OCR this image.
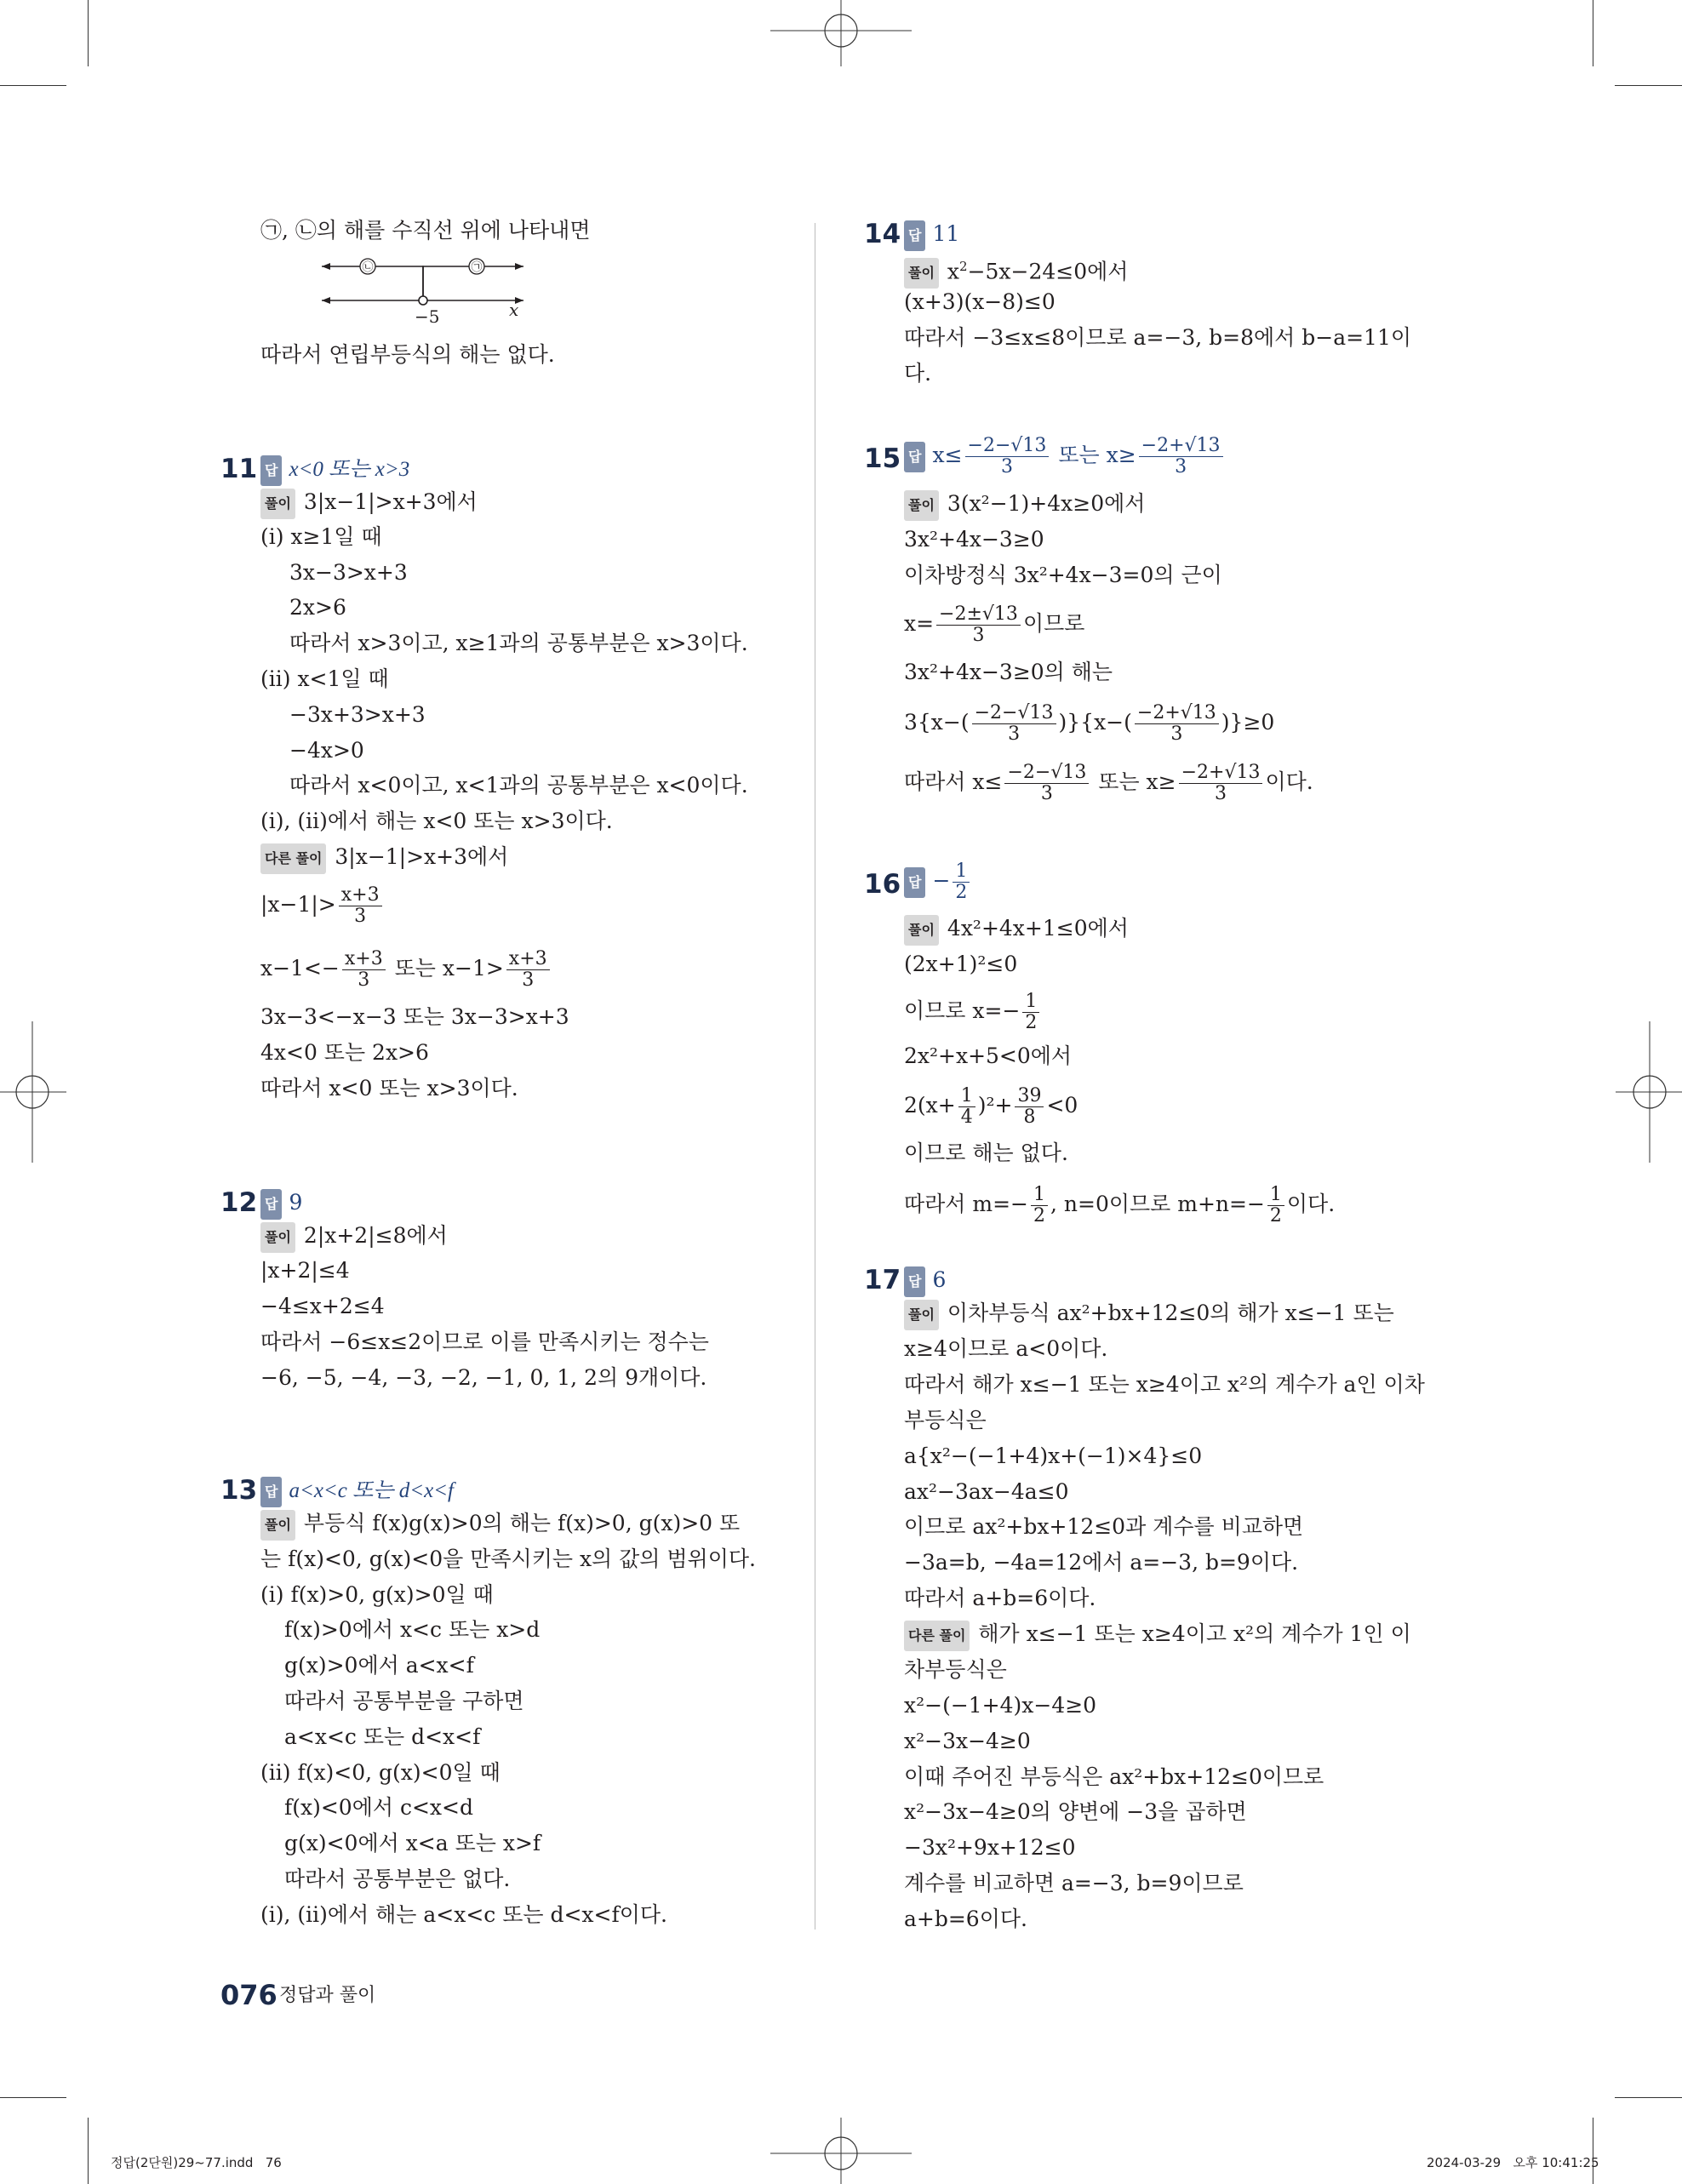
㉠, ㉡의 해를 수직선 위에 나타내면
㉡	㉠
−5	x
따라서 연립부등식의 해는 없다.
11 답 x<0 또는 x>3
풀이 3|x−1|>x+3에서
(ⅰ) x≥1일 때
3x−3>x+3
2x>6
따라서 x>3이고, x≥1과의 공통부분은 x>3이다.
(ⅱ) x<1일 때
−3x+3>x+3
−4x>0
따라서 x<0이고, x<1과의 공통부분은 x<0이다.
(ⅰ), (ⅱ)에서 해는 x<0 또는 x>3이다.
다른 풀이 3|x−1|>x+3에서
$|x-1|> \frac{x+3}{3}$
$x-1<- \frac{x+3}{3}$ 또는 $x-1> \frac{x+3}{3}$
3x−3<−x−3 또는 3x−3>x+3
4x<0 또는 2x>6
따라서 x<0 또는 x>3이다.
12 답 9
풀이 2|x+2|≤8에서
|x+2|≤4
−4≤x+2≤4
따라서 −6≤x≤2이므로 이를 만족시키는 정수는
−6, −5, −4, −3, −2, −1, 0, 1, 2의 9개이다.
13 답 a<x<c 또는 d<x<f
풀이 부등식 f(x)g(x)>0의 해는 f(x)>0, g(x)>0 또
는 f(x)<0, g(x)<0을 만족시키는 x의 값의 범위이다.
(ⅰ) f(x)>0, g(x)>0일 때
f(x)>0에서 x<c 또는 x>d
g(x)>0에서 a<x<f
따라서 공통부분을 구하면
a<x<c 또는 d<x<f
(ⅱ) f(x)<0, g(x)<0일 때
f(x)<0에서 c<x<d
g(x)<0에서 x<a 또는 x>f
따라서 공통부분은 없다.
(ⅰ), (ⅱ)에서 해는 a<x<c 또는 d<x<f이다.
14 답 11
풀이 $x^2-5x-24\le 0$에서
(x+3)(x−8)≤0
따라서 −3≤x≤8이므로 a=−3, b=8에서 b−a=11이
다.
15 답 $x\le \frac{-2-√13}{3}$ 또는 $x\ge \frac{-2+√13}{3}$
풀이 3(x²−1)+4x≥0에서
3x²+4x−3≥0
이차방정식 3x²+4x−3=0의 근이
$x= \frac{-2\pm√13}{3}$ 이므로
3x²+4x−3≥0의 해는
$3\{x-( \frac{-2-√13}{3} )\}\{x-( \frac{-2+√13}{3} )\}\ge 0$
따라서 $x\le \frac{-2-√13}{3}$ 또는 $x\ge \frac{-2+√13}{3}$ 이다.
16 답 − $\frac{1}{2}$
풀이 4x²+4x+1≤0에서
(2x+1)²≤0
이므로 $x=- \frac{1}{2}$
2x²+x+5<0에서
$2(x+ \frac{1}{4} )^2+ \frac{39}{8} <0$
이므로 해는 없다.
따라서 $m=- \frac{1}{2}$ , n=0이므로 $m+n=- \frac{1}{2}$ 이다.
17 답 6
풀이 이차부등식 ax²+bx+12≤0의 해가 x≤−1 또는
x≥4이므로 a<0이다.
따라서 해가 x≤−1 또는 x≥4이고 x²의 계수가 a인 이차
부등식은
a{x²−(−1+4)x+(−1)×4}≤0
ax²−3ax−4a≤0
이므로 ax²+bx+12≤0과 계수를 비교하면
−3a=b, −4a=12에서 a=−3, b=9이다.
따라서 a+b=6이다.
다른 풀이 해가 x≤−1 또는 x≥4이고 x²의 계수가 1인 이
차부등식은
x²−(−1+4)x−4≥0
x²−3x−4≥0
이때 주어진 부등식은 ax²+bx+12≤0이므로
x²−3x−4≥0의 양변에 −3을 곱하면
−3x²+9x+12≤0
계수를 비교하면 a=−3, b=9이므로
a+b=6이다.
076 정답과 풀이
정답(2단원)29~77.indd   76	2024-03-29   오후 10:41:25
